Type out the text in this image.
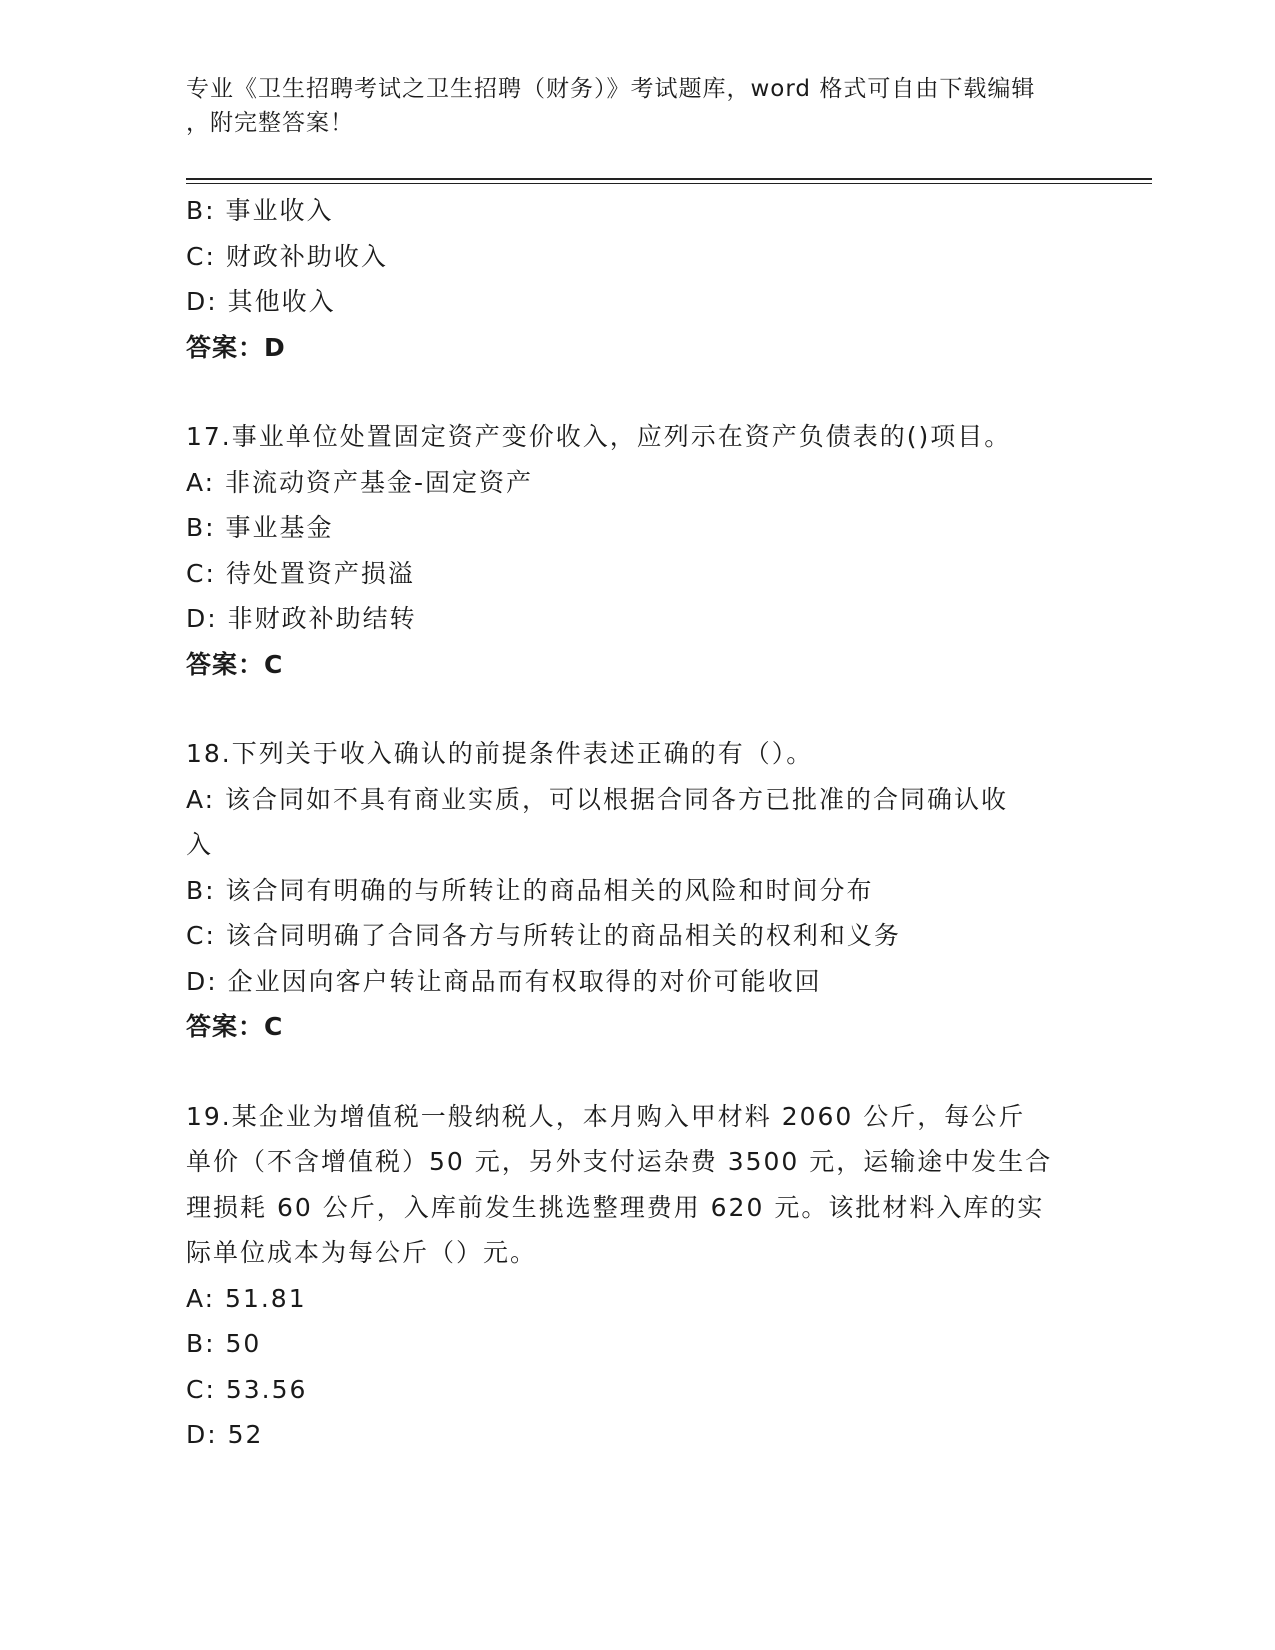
专业《卫生招聘考试之卫生招聘（财务）》考试题库，word 格式可自由下载编辑
，附完整答案！
B: 事业收入
C: 财政补助收入
D: 其他收入
答案：D
17.事业单位处置固定资产变价收入，应列示在资产负债表的()项目。
A: 非流动资产基金-固定资产
B: 事业基金
C: 待处置资产损溢
D: 非财政补助结转
答案：C
18.下列关于收入确认的前提条件表述正确的有（）。
A: 该合同如不具有商业实质，可以根据合同各方已批准的合同确认收
入
B: 该合同有明确的与所转让的商品相关的风险和时间分布
C: 该合同明确了合同各方与所转让的商品相关的权利和义务
D: 企业因向客户转让商品而有权取得的对价可能收回
答案：C
19.某企业为增值税一般纳税人，本月购入甲材料 2060 公斤，每公斤
单价（不含增值税）50 元，另外支付运杂费 3500 元，运输途中发生合
理损耗 60 公斤，入库前发生挑选整理费用 620 元。该批材料入库的实
际单位成本为每公斤（）元。
A: 51.81
B: 50
C: 53.56
D: 52
